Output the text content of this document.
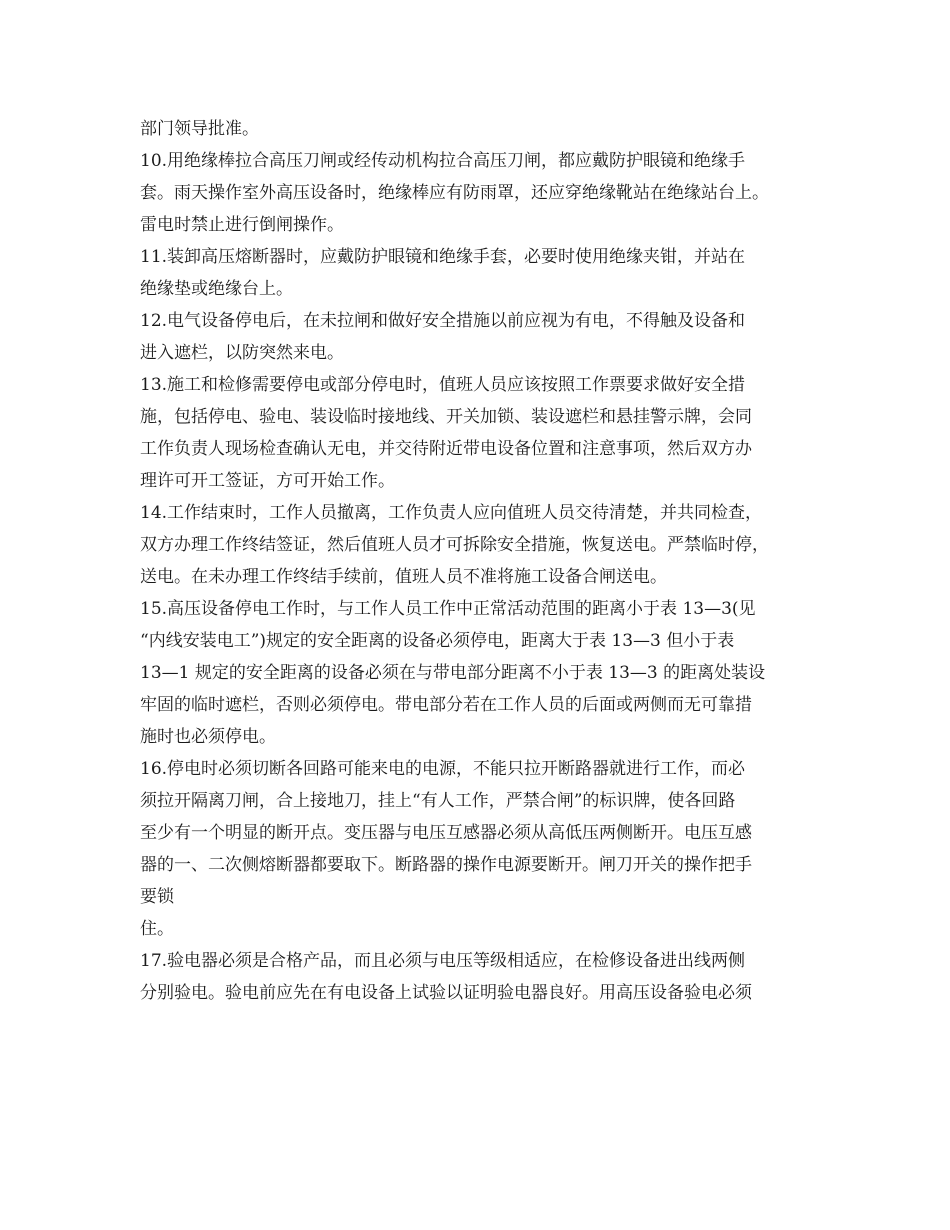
部门领导批准。
10.用绝缘棒拉合高压刀闸或经传动机构拉合高压刀闸，都应戴防护眼镜和绝缘手
套。雨天操作室外高压设备时，绝缘棒应有防雨罩，还应穿绝缘靴站在绝缘站台上。
雷电时禁止进行倒闸操作。
11.装卸高压熔断器时，应戴防护眼镜和绝缘手套，必要时使用绝缘夹钳，并站在
绝缘垫或绝缘台上。
12.电气设备停电后，在未拉闸和做好安全措施以前应视为有电，不得触及设备和
进入遮栏，以防突然来电。
13.施工和检修需要停电或部分停电时，值班人员应该按照工作票要求做好安全措
施，包括停电、验电、装设临时接地线、开关加锁、装设遮栏和悬挂警示牌，会同
工作负责人现场检查确认无电，并交待附近带电设备位置和注意事项，然后双方办
理许可开工签证，方可开始工作。
14.工作结束时，工作人员撤离，工作负责人应向值班人员交待清楚，并共同检查，
双方办理工作终结签证，然后值班人员才可拆除安全措施，恢复送电。严禁临时停，
送电。在未办理工作终结手续前，值班人员不准将施工设备合闸送电。
15.高压设备停电工作时，与工作人员工作中正常活动范围的距离小于表 13—3(见
“内线安装电工”)规定的安全距离的设备必须停电，距离大于表 13—3 但小于表
13—1 规定的安全距离的设备必须在与带电部分距离不小于表 13—3 的距离处装设
牢固的临时遮栏，否则必须停电。带电部分若在工作人员的后面或两侧而无可靠措
施时也必须停电。
16.停电时必须切断各回路可能来电的电源，不能只拉开断路器就进行工作，而必
须拉开隔离刀闸，合上接地刀，挂上“有人工作，严禁合闸”的标识牌，使各回路
至少有一个明显的断开点。变压器与电压互感器必须从高低压两侧断开。电压互感
器的一、二次侧熔断器都要取下。断路器的操作电源要断开。闸刀开关的操作把手
要锁
住。
17.验电器必须是合格产品，而且必须与电压等级相适应，在检修设备进出线两侧
分别验电。验电前应先在有电设备上试验以证明验电器良好。用高压设备验电必须
